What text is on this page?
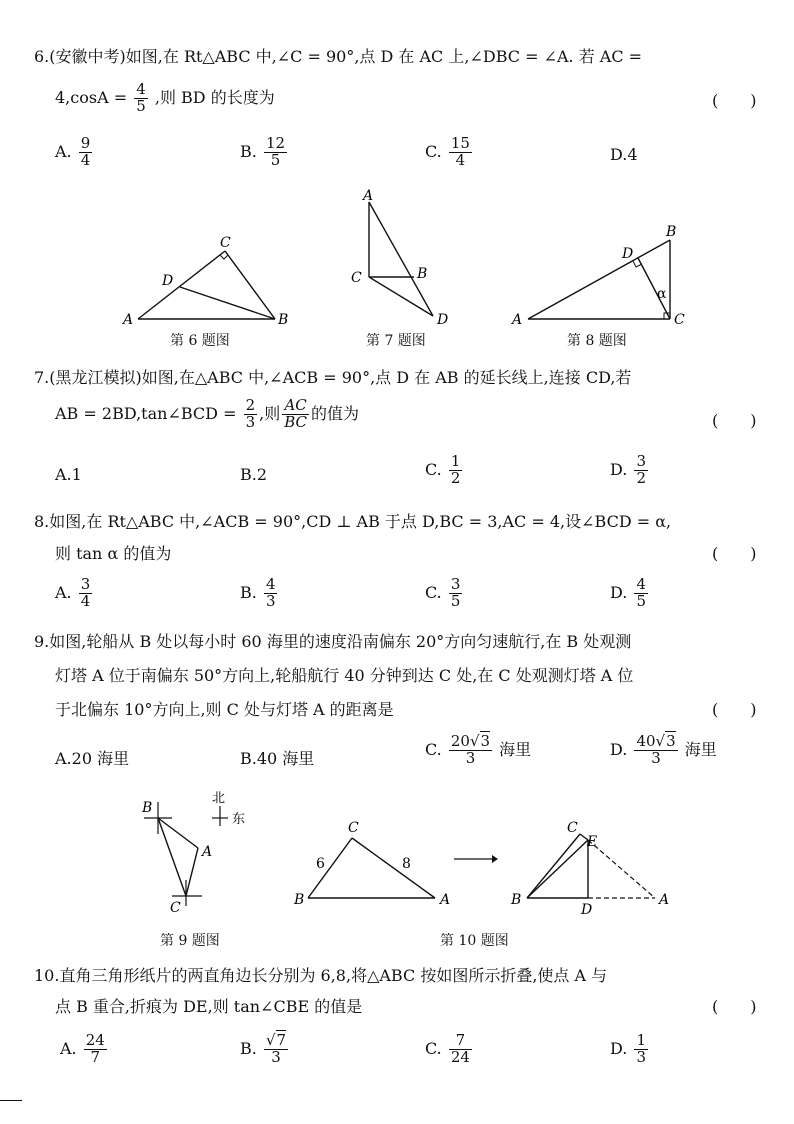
6.(安徽中考)如图,在 Rt△ABC 中,∠C = 90°,点 D 在 AC 上,∠DBC = ∠A. 若 AC =
$4,\cos A = \frac{4}{5}$ ,则 BD 的长度为	(　　)
A. $\frac{9}{4}$	B. $\frac{12}{5}$	C. $\frac{15}{4}$	D.4
C
D
A	B
第 6 题图
A
C	B
D
第 7 题图
D
B
A	C
α
第 8 题图
7.(黑龙江模拟)如图,在△ABC 中,∠ACB = 90°,点 D 在 AB 的延长线上,连接 CD,若
AB = 2BD,tan∠BCD = $\frac{2}{3}$ ,则 $\frac{AC}{BC}$ 的值为	(　　)
A.1	B.2	C. $\frac{1}{2}$	D. $\frac{3}{2}$
8.如图,在 Rt△ABC 中,∠ACB = 90°,CD ⊥ AB 于点 D,BC = 3,AC = 4,设∠BCD = α,
则 tan α 的值为	(　　)
A. $\frac{3}{4}$	B. $\frac{4}{3}$	C. $\frac{3}{5}$	D. $\frac{4}{5}$
9.如图,轮船从 B 处以每小时 60 海里的速度沿南偏东 20°方向匀速航行,在 B 处观测
灯塔 A 位于南偏东 50°方向上,轮船航行 40 分钟到达 C 处,在 C 处观测灯塔 A 位
于北偏东 10°方向上,则 C 处与灯塔 A 的距离是	(　　)
A.20 海里	B.40 海里	C. $\frac{20√3}{3}$ 海里	D. $\frac{40√3}{3}$ 海里
B
A
C
北
东
第 9 题图
C
B	A
6	8
C
E
B
D
A
第 10 题图
10.直角三角形纸片的两直角边长分别为 6,8,将△ABC 按如图所示折叠,使点 A 与
点 B 重合,折痕为 DE,则 tan∠CBE 的值是	(　　)
A. $\frac{24}{7}$	B. $\frac{√7}{3}$	C. $\frac{7}{24}$	D. $\frac{1}{3}$
